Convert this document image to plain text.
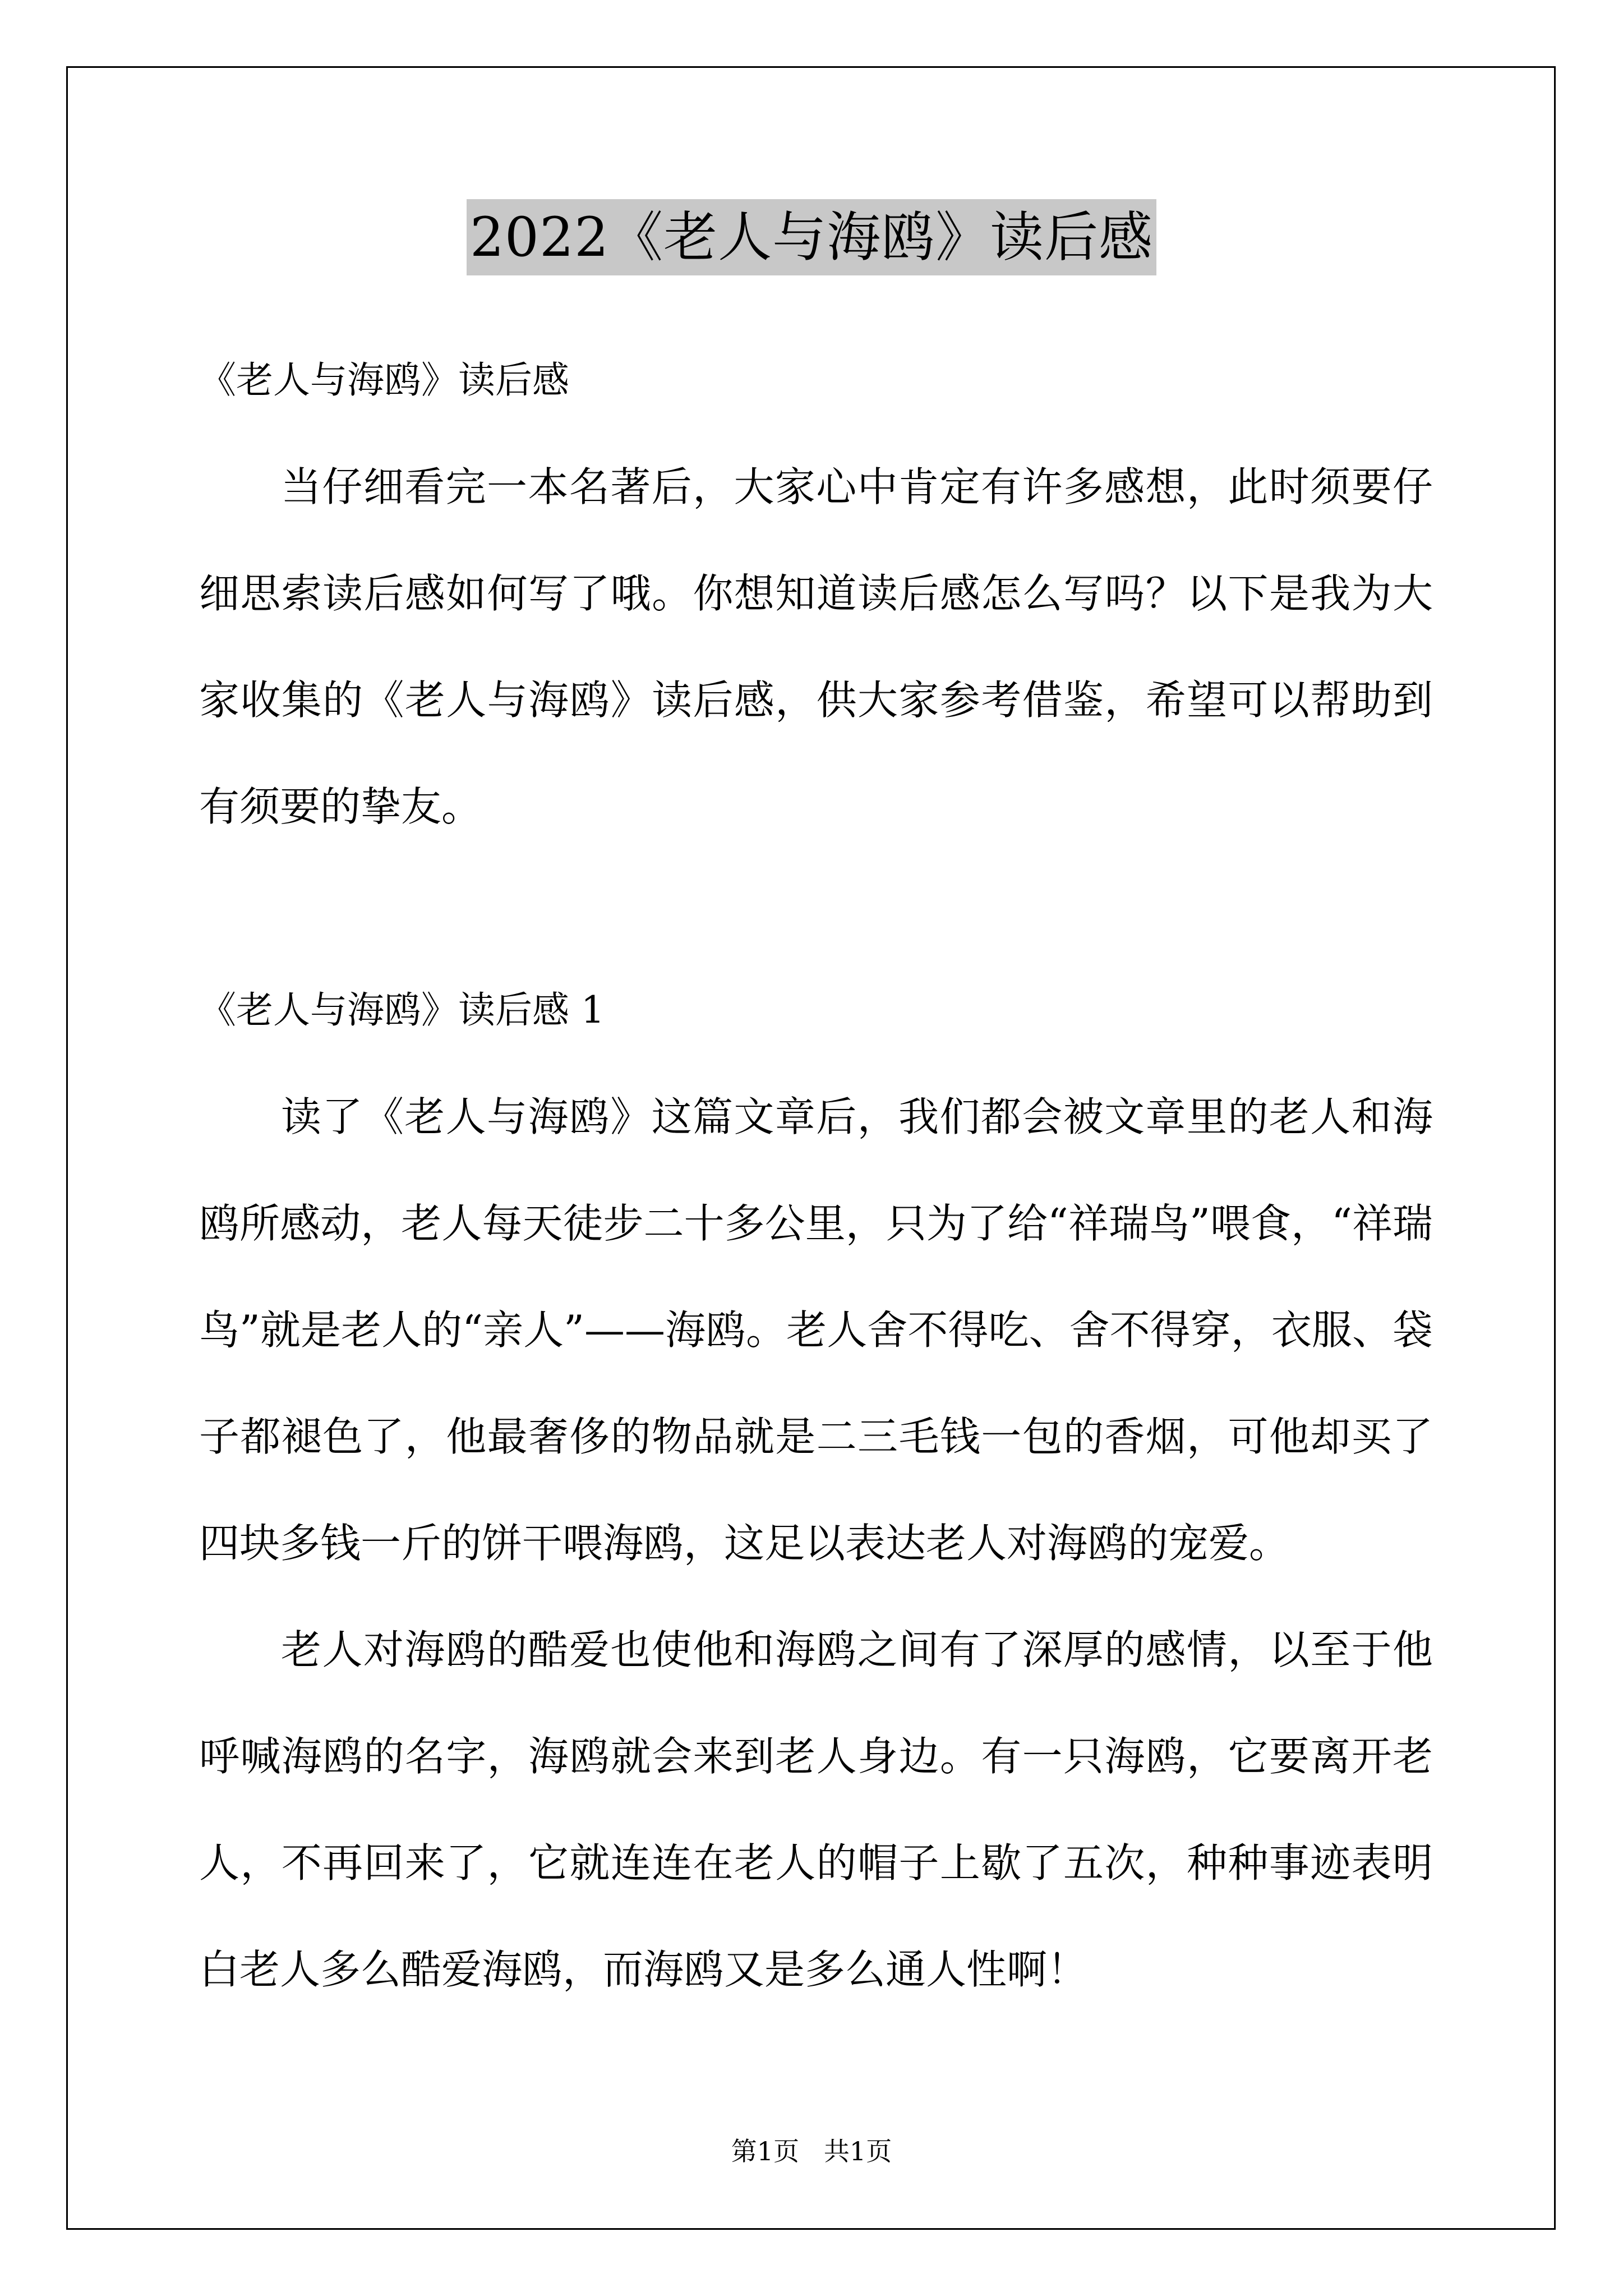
2022《老人与海鸥》读后感

《老人与海鸥》读后感

当仔细看完一本名著后，大家心中肯定有许多感想，此时须要仔细思索读后感如何写了哦。你想知道读后感怎么写吗？以下是我为大家收集的《老人与海鸥》读后感，供大家参考借鉴，希望可以帮助到有须要的挚友。

《老人与海鸥》读后感 1

读了《老人与海鸥》这篇文章后，我们都会被文章里的老人和海鸥所感动，老人每天徒步二十多公里，只为了给“祥瑞鸟”喂食，“祥瑞鸟”就是老人的“亲人”——海鸥。老人舍不得吃、舍不得穿，衣服、袋子都褪色了，他最奢侈的物品就是二三毛钱一包的香烟，可他却买了四块多钱一斤的饼干喂海鸥，这足以表达老人对海鸥的宠爱。

老人对海鸥的酷爱也使他和海鸥之间有了深厚的感情，以至于他呼喊海鸥的名字，海鸥就会来到老人身边。有一只海鸥，它要离开老人，不再回来了，它就连连在老人的帽子上歇了五次，种种事迹表明白老人多么酷爱海鸥，而海鸥又是多么通人性啊！

第1页   共1页
